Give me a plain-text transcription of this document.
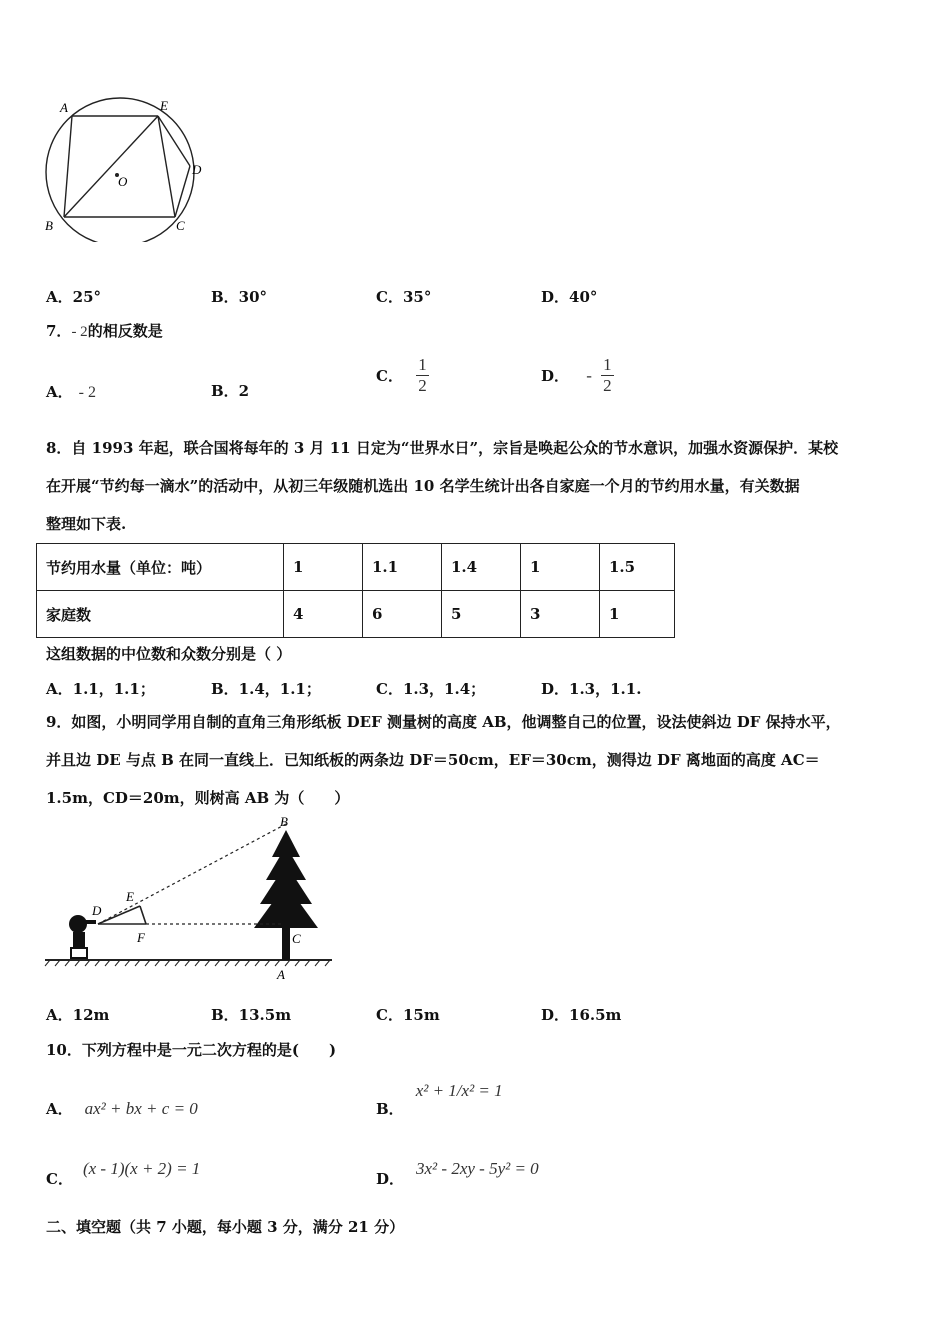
A	E
D
O
B	C
A．25°	B．30°	C．35°	D．40°
7．- 2的相反数是
A． - 2	B．2
C． $\frac{1}{2}$	D． - $\frac{1}{2}$
8．自 1993 年起，联合国将每年的 3 月 11 日定为“世界水日”，宗旨是唤起公众的节水意识，加强水资源保护．某校
在开展“节约每一滴水”的活动中，从初三年级随机选出 10 名学生统计出各自家庭一个月的节约用水量，有关数据
整理如下表.
节约用水量（单位：吨）	1	1.1	1.4	1	1.5
家庭数	4	6	5	3	1
这组数据的中位数和众数分别是（ ）
A．1.1，1.1；	B．1.4，1.1；	C．1.3，1.4；	D．1.3，1.1.
9．如图，小明同学用自制的直角三角形纸板 DEF 测量树的高度 AB，他调整自己的位置，设法使斜边 DF 保持水平，
并且边 DE 与点 B 在同一直线上．已知纸板的两条边 DF＝50cm，EF＝30cm，测得边 DF 离地面的高度 AC＝
1.5m，CD＝20m，则树高 AB 为（　　）
B
E
D
F	C
A
A．12m	B．13.5m	C．15m	D．16.5m
10．下列方程中是一元二次方程的是(　　)
A． ax² + bx + c = 0	B．x² + 1/x² = 1
C．(x - 1)(x + 2) = 1
D．3x² - 2xy - 5y² = 0
二、填空题（共 7 小题，每小题 3 分，满分 21 分）
